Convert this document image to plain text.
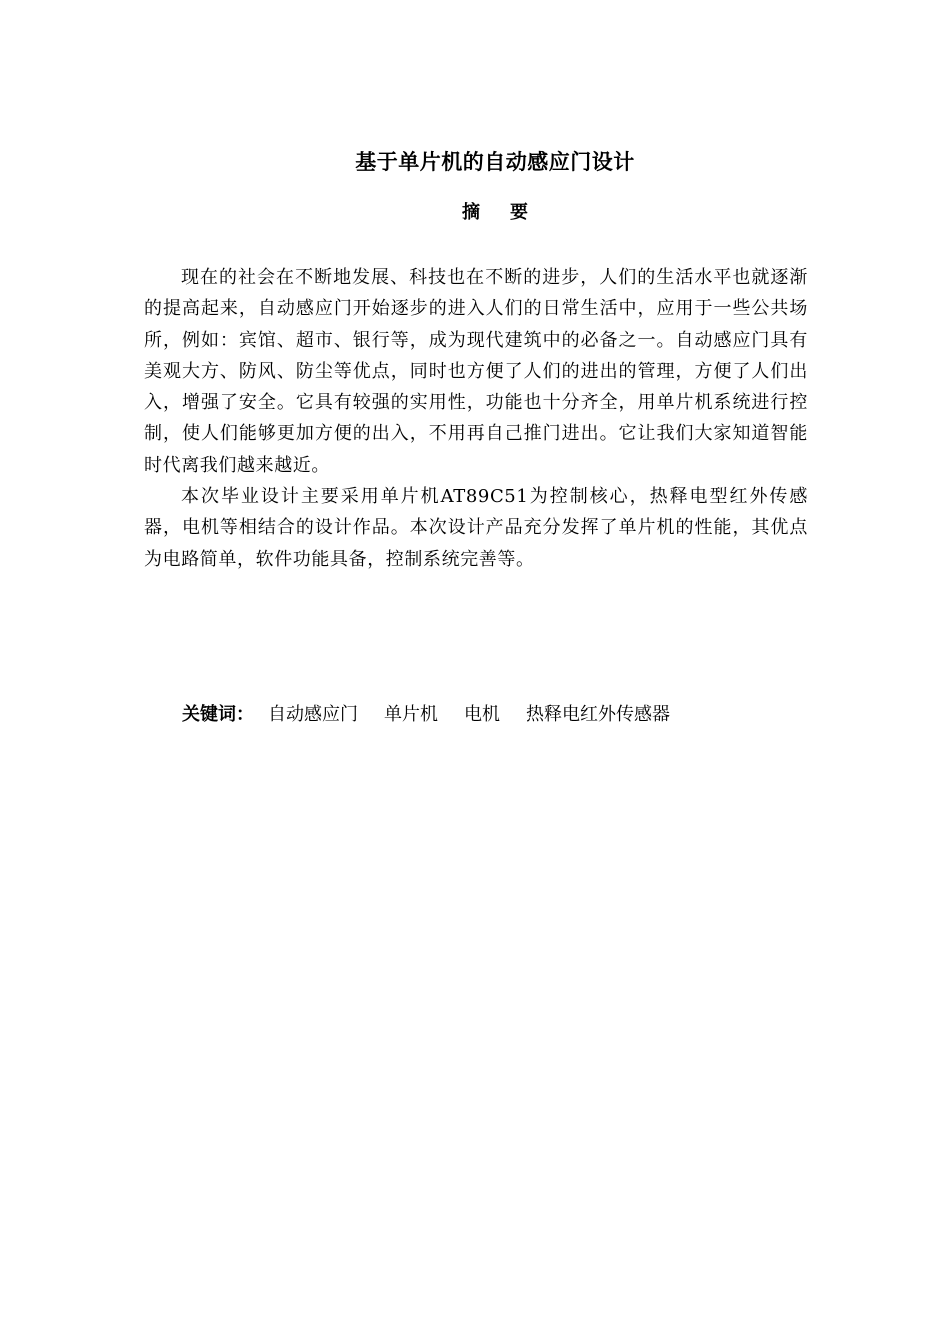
基于单片机的自动感应门设计
摘要

现在的社会在不断地发展、科技也在不断的进步，人们的生活水平也就逐渐的提高起来，自动感应门开始逐步的进入人们的日常生活中，应用于一些公共场所，例如：宾馆、超市、银行等，成为现代建筑中的必备之一。自动感应门具有美观大方、防风、防尘等优点，同时也方便了人们的进出的管理，方便了人们出入，增强了安全。它具有较强的实用性，功能也十分齐全，用单片机系统进行控制，使人们能够更加方便的出入，不用再自己推门进出。它让我们大家知道智能时代离我们越来越近。

本次毕业设计主要采用单片机AT89C51为控制核心，热释电型红外传感器，电机等相结合的设计作品。本次设计产品充分发挥了单片机的性能，其优点为电路简单，软件功能具备，控制系统完善等。

关键词： 自动感应门 单片机 电机 热释电红外传感器
